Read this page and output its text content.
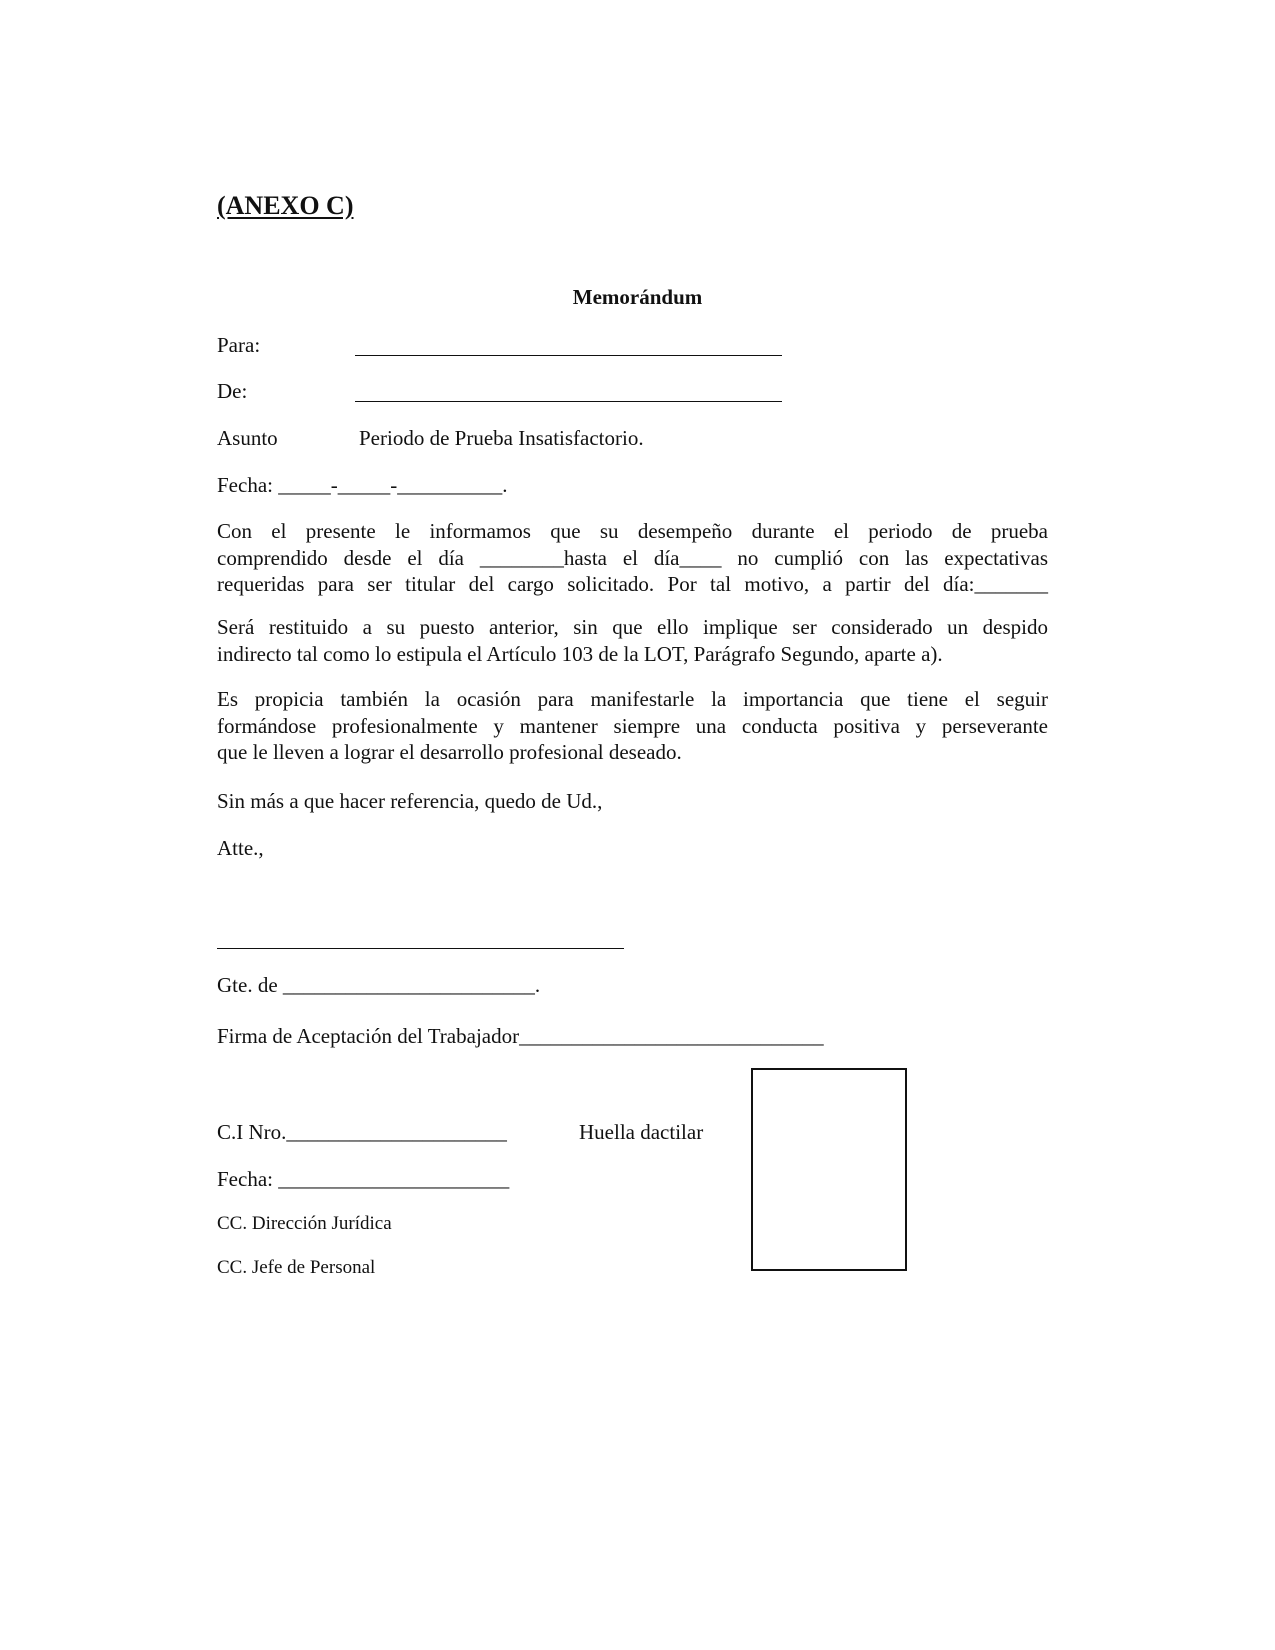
(ANEXO C)
Memorándum
Para:
De:
Asunto	Periodo de Prueba Insatisfactorio.
Fecha: _____-_____-__________.
Con el presente le informamos que su desempeño durante el periodo de prueba
comprendido desde el día ________hasta el día____ no cumplió con las expectativas
requeridas para ser titular del cargo solicitado. Por tal motivo, a partir del día:_______
Será restituido a su puesto anterior, sin que ello implique ser considerado un despido
indirecto tal como lo estipula el Artículo 103 de la LOT, Parágrafo Segundo, aparte a).
Es propicia también la ocasión para manifestarle la importancia que tiene el seguir
formándose profesionalmente y mantener siempre una conducta positiva y perseverante
que le lleven a lograr el desarrollo profesional deseado.
Sin más a que hacer referencia, quedo de Ud.,
Atte.,
Gte. de ________________________.
Firma de Aceptación del Trabajador_____________________________
C.I Nro._____________________	Huella dactilar
Fecha: ______________________
CC. Dirección Jurídica
CC. Jefe de Personal
